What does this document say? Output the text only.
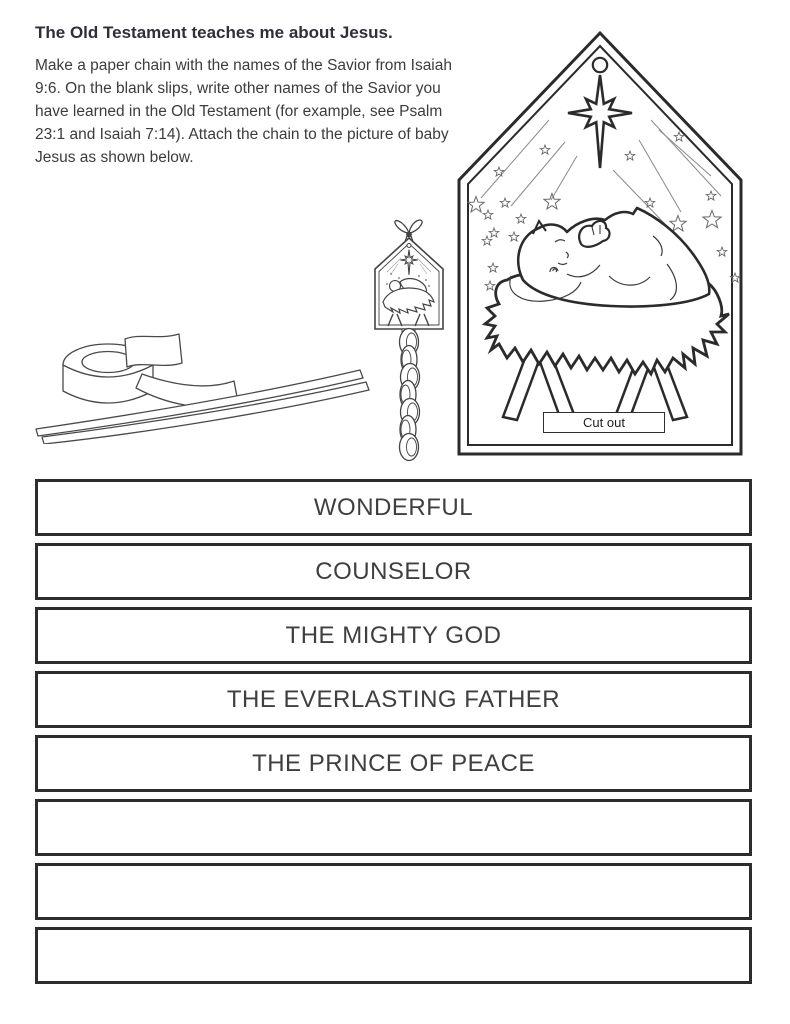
The Old Testament teaches me about Jesus.

Make a paper chain with the names of the Savior from Isaiah 9:6. On the blank slips, write other names of the Savior you have learned in the Old Testament (for example, see Psalm 23:1 and Isaiah 7:14). Attach the chain to the picture of baby Jesus as shown below.

Cut out
WONDERFUL
COUNSELOR
THE MIGHTY GOD
THE EVERLASTING FATHER
THE PRINCE OF PEACE
